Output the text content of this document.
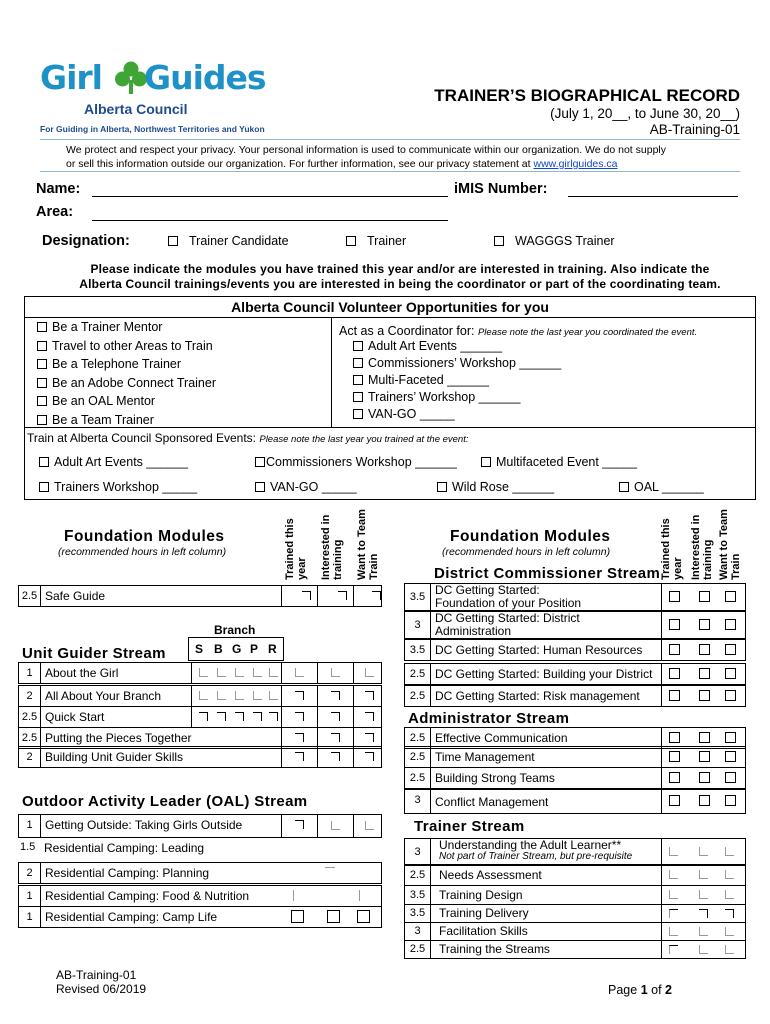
Girl Guides
Alberta Council
For Guiding in Alberta, Northwest Territories and Yukon
TRAINER’S BIOGRAPHICAL RECORD
(July 1, 20__, to June 30, 20__)
AB-Training-01
We protect and respect your privacy. Your personal information is used to communicate within our organization. We do not supply
or sell this information outside our organization. For further information, see our privacy statement at www.girlguides.ca
Name:	iMIS Number:
Area:
Designation:	Trainer Candidate	Trainer	WAGGGS Trainer
Please indicate the modules you have trained this year and/or are interested in training. Also indicate the
Alberta Council trainings/events you are interested in being the coordinator or part of the coordinating team.
Alberta Council Volunteer Opportunities for you
Be a Trainer Mentor
Travel to other Areas to Train
Be a Telephone Trainer
Be an Adobe Connect Trainer
Be an OAL Mentor
Be a Team Trainer
Act as a Coordinator for: Please note the last year you coordinated the event.
Adult Art Events ______
Commissioners’ Workshop ______
Multi-Faceted ______
Trainers’ Workshop ______
VAN-GO _____
Train at Alberta Council Sponsored Events: Please note the last year you trained at the event:
Adult Art Events ______	Commissioners Workshop ______	Multifaceted Event _____
Trainers Workshop _____	VAN-GO _____	Wild Rose ______	OAL ______
Foundation Modules
(recommended hours in left column)	Trained this year Interested in training Want to Team Train
2.5 Safe Guide
Branch
S B G P R
Unit Guider Stream
1	About the Girl
2	All About Your Branch
2.5 Quick Start
2.5 Putting the Pieces Together
2	Building Unit Guider Skills
Outdoor Activity Leader (OAL) Stream
1	Getting Outside: Taking Girls Outside
1.5 Residential Camping: Leading
2	Residential Camping: Planning
1	Residential Camping: Food & Nutrition
1	Residential Camping: Camp Life
Foundation Modules
(recommended hours in left column)
District Commissioner Stream Trained this year Interested in training Want to Team Train
3.5 DC Getting Started:
Foundation of your Position
3	DC Getting Started: District
Administration
3.5 DC Getting Started: Human Resources
2.5 DC Getting Started: Building your District
2.5 DC Getting Started: Risk management
Administrator Stream
2.5 Effective Communication
2.5 Time Management
2.5 Building Strong Teams
3	Conflict Management
Trainer Stream
3	Understanding the Adult Learner**
Not part of Trainer Stream, but pre-requisite
2.5	Needs Assessment
3.5	Training Design
3.5	Training Delivery
3	Facilitation Skills
2.5	Training the Streams
AB-Training-01
Revised 06/2019	Page 1 of 2
